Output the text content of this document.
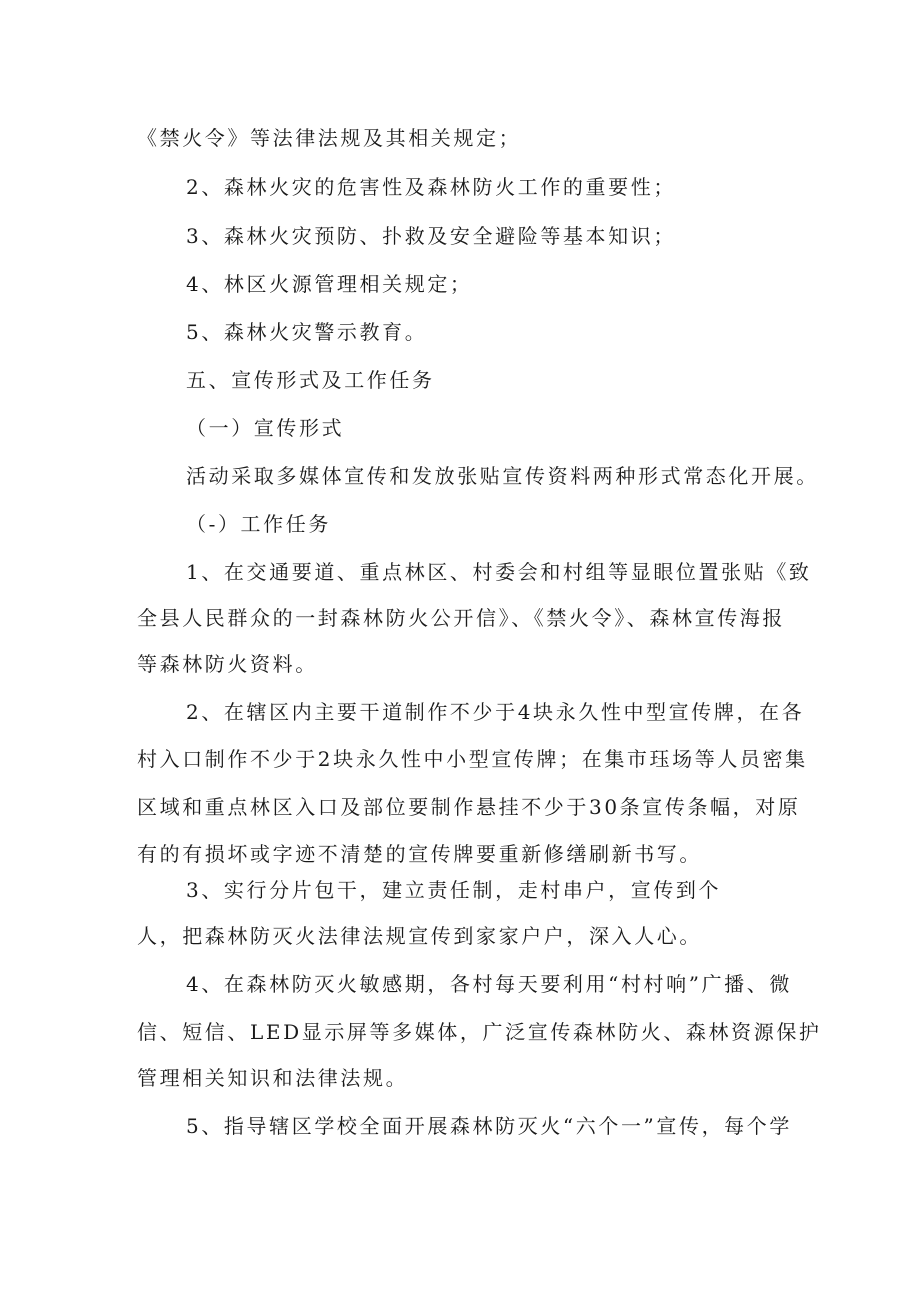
《禁火令》等法律法规及其相关规定；
2、森林火灾的危害性及森林防火工作的重要性；
3、森林火灾预防、扑救及安全避险等基本知识；
4、林区火源管理相关规定；
5、森林火灾警示教育。
五、宣传形式及工作任务
（一）宣传形式
活动采取多媒体宣传和发放张贴宣传资料两种形式常态化开展。
（-）工作任务
1、在交通要道、重点林区、村委会和村组等显眼位置张贴《致
全县人民群众的一封森林防火公开信》、《禁火令》、森林宣传海报
等森林防火资料。
2、在辖区内主要干道制作不少于4块永久性中型宣传牌，在各
村入口制作不少于2块永久性中小型宣传牌；在集市珏场等人员密集
区域和重点林区入口及部位要制作悬挂不少于30条宣传条幅，对原
有的有损坏或字迹不清楚的宣传牌要重新修缮刷新书写。
3、实行分片包干，建立责任制，走村串户，宣传到个
人，把森林防灭火法律法规宣传到家家户户，深入人心。
4、在森林防灭火敏感期，各村每天要利用“村村响”广播、微
信、短信、LED显示屏等多媒体，广泛宣传森林防火、森林资源保护
管理相关知识和法律法规。
5、指导辖区学校全面开展森林防灭火“六个一”宣传，每个学
